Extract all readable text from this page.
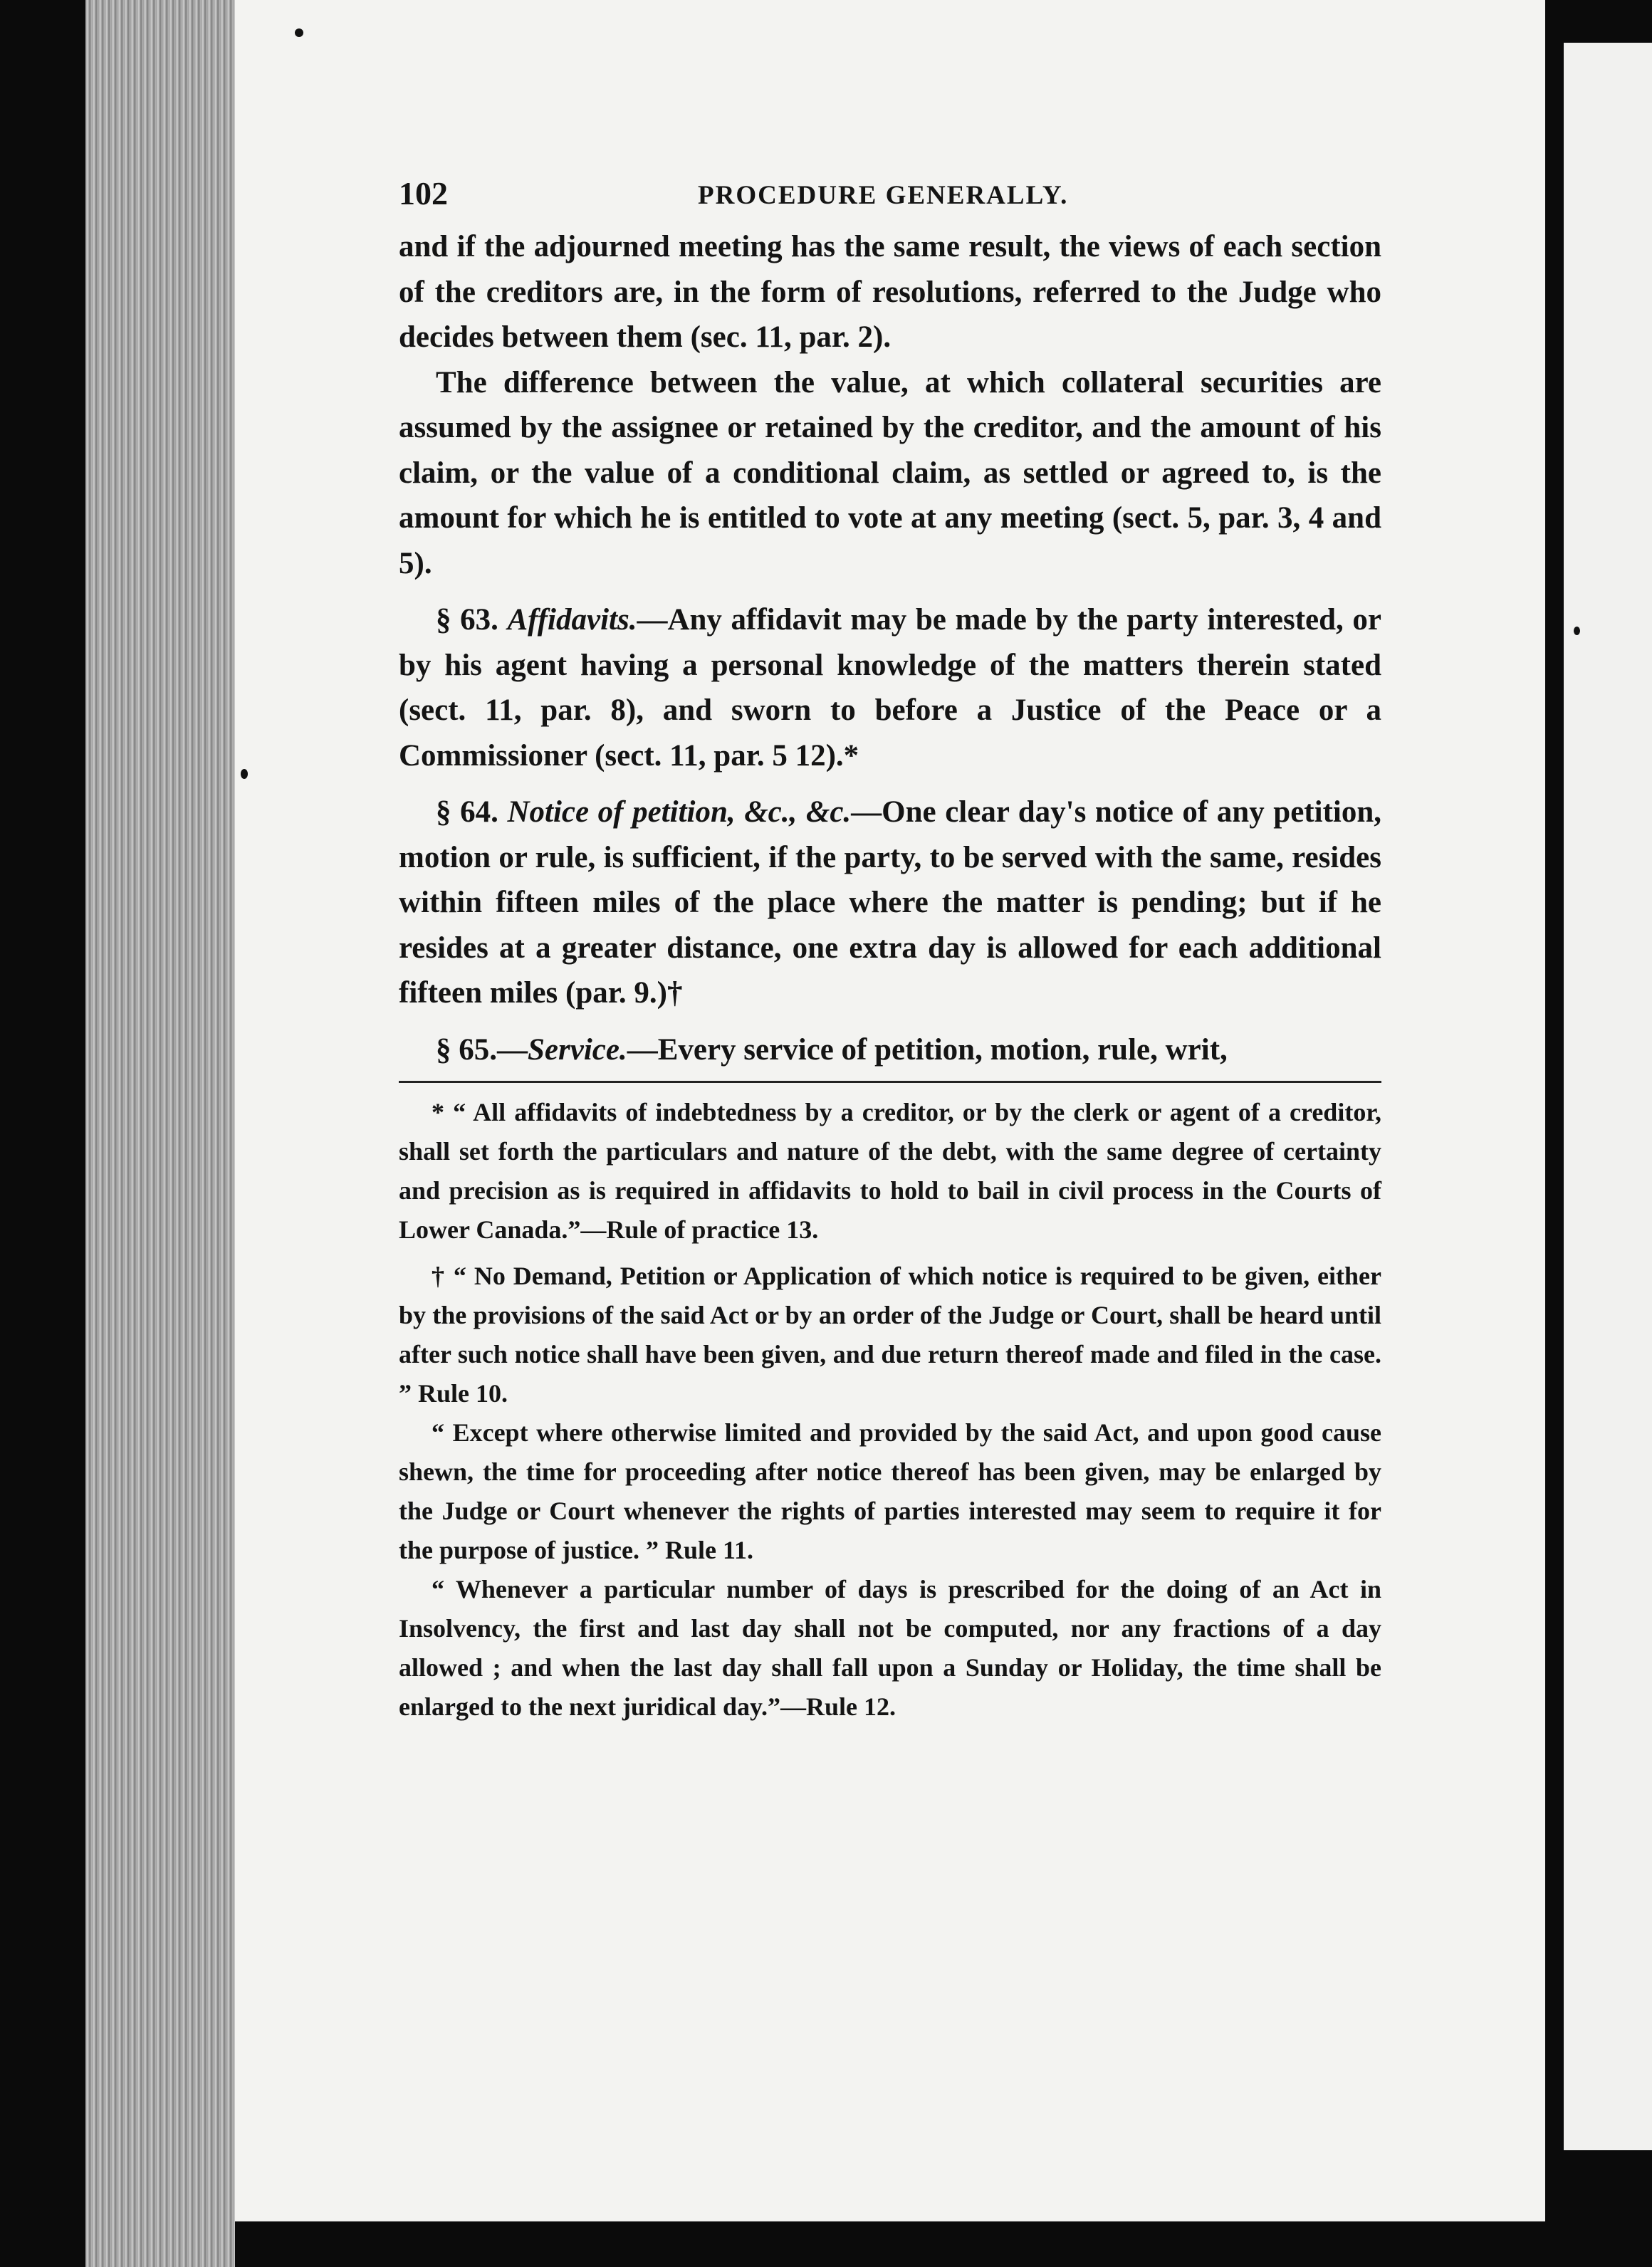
102	PROCEDURE GENERALLY.

and if the adjourned meeting has the same result, the views of each section of the creditors are, in the form of resolutions, referred to the Judge who decides between them (sec. 11, par. 2).

The difference between the value, at which collateral securities are assumed by the assignee or retained by the creditor, and the amount of his claim, or the value of a conditional claim, as settled or agreed to, is the amount for which he is entitled to vote at any meeting (sect. 5, par. 3, 4 and 5).

§ 63. Affidavits.—Any affidavit may be made by the party interested, or by his agent having a personal knowledge of the matters therein stated (sect. 11, par. 8), and sworn to before a Justice of the Peace or a Commissioner (sect. 11, par. 5 12).*

§ 64. Notice of petition, &c., &c.—One clear day's notice of any petition, motion or rule, is sufficient, if the party, to be served with the same, resides within fifteen miles of the place where the matter is pending; but if he resides at a greater distance, one extra day is allowed for each additional fifteen miles (par. 9.)†

§ 65.—Service.—Every service of petition, motion, rule, writ,

* “ All affidavits of indebtedness by a creditor, or by the clerk or agent of a creditor, shall set forth the particulars and nature of the debt, with the same degree of certainty and precision as is required in affidavits to hold to bail in civil process in the Courts of Lower Canada.”—Rule of practice 13.

† “ No Demand, Petition or Application of which notice is required to be given, either by the provisions of the said Act or by an order of the Judge or Court, shall be heard until after such notice shall have been given, and due return thereof made and filed in the case. ” Rule 10.

“ Except where otherwise limited and provided by the said Act, and upon good cause shewn, the time for proceeding after notice thereof has been given, may be enlarged by the Judge or Court whenever the rights of parties interested may seem to require it for the purpose of justice. ” Rule 11.

“ Whenever a particular number of days is prescribed for the doing of an Act in Insolvency, the first and last day shall not be computed, nor any fractions of a day allowed ; and when the last day shall fall upon a Sunday or Holiday, the time shall be enlarged to the next juridical day.”—Rule 12.
